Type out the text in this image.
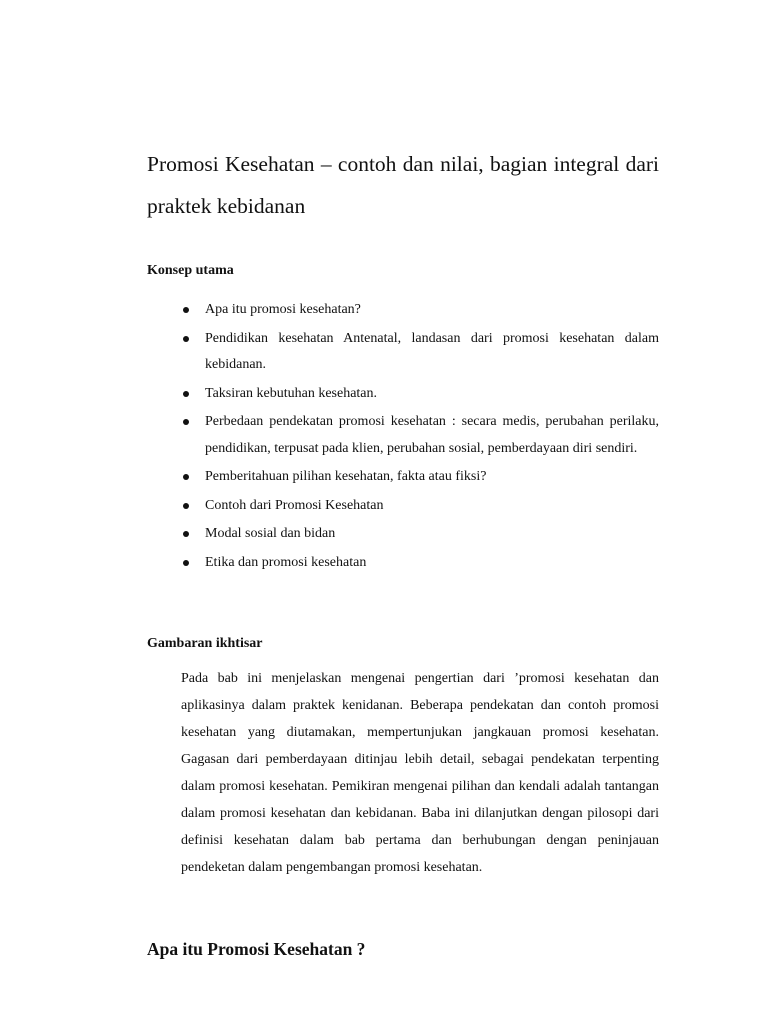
Promosi Kesehatan – contoh dan nilai, bagian integral dari praktek kebidanan
Konsep utama
Apa itu promosi kesehatan?
Pendidikan kesehatan Antenatal, landasan dari promosi kesehatan dalam kebidanan.
Taksiran kebutuhan kesehatan.
Perbedaan pendekatan promosi kesehatan : secara medis, perubahan perilaku, pendidikan, terpusat pada klien, perubahan sosial, pemberdayaan diri sendiri.
Pemberitahuan pilihan kesehatan, fakta atau fiksi?
Contoh dari Promosi Kesehatan
Modal sosial dan bidan
Etika dan promosi kesehatan
Gambaran ikhtisar

Pada bab ini menjelaskan mengenai pengertian dari ’promosi kesehatan dan aplikasinya dalam praktek kenidanan. Beberapa pendekatan dan contoh promosi kesehatan yang diutamakan, mempertunjukan jangkauan promosi kesehatan. Gagasan dari pemberdayaan ditinjau lebih detail, sebagai pendekatan terpenting dalam promosi kesehatan. Pemikiran mengenai pilihan dan kendali adalah tantangan dalam promosi kesehatan dan kebidanan. Baba ini dilanjutkan dengan pilosopi dari definisi kesehatan dalam bab pertama dan berhubungan dengan peninjauan pendeketan dalam pengembangan promosi kesehatan.

Apa itu Promosi Kesehatan ?
